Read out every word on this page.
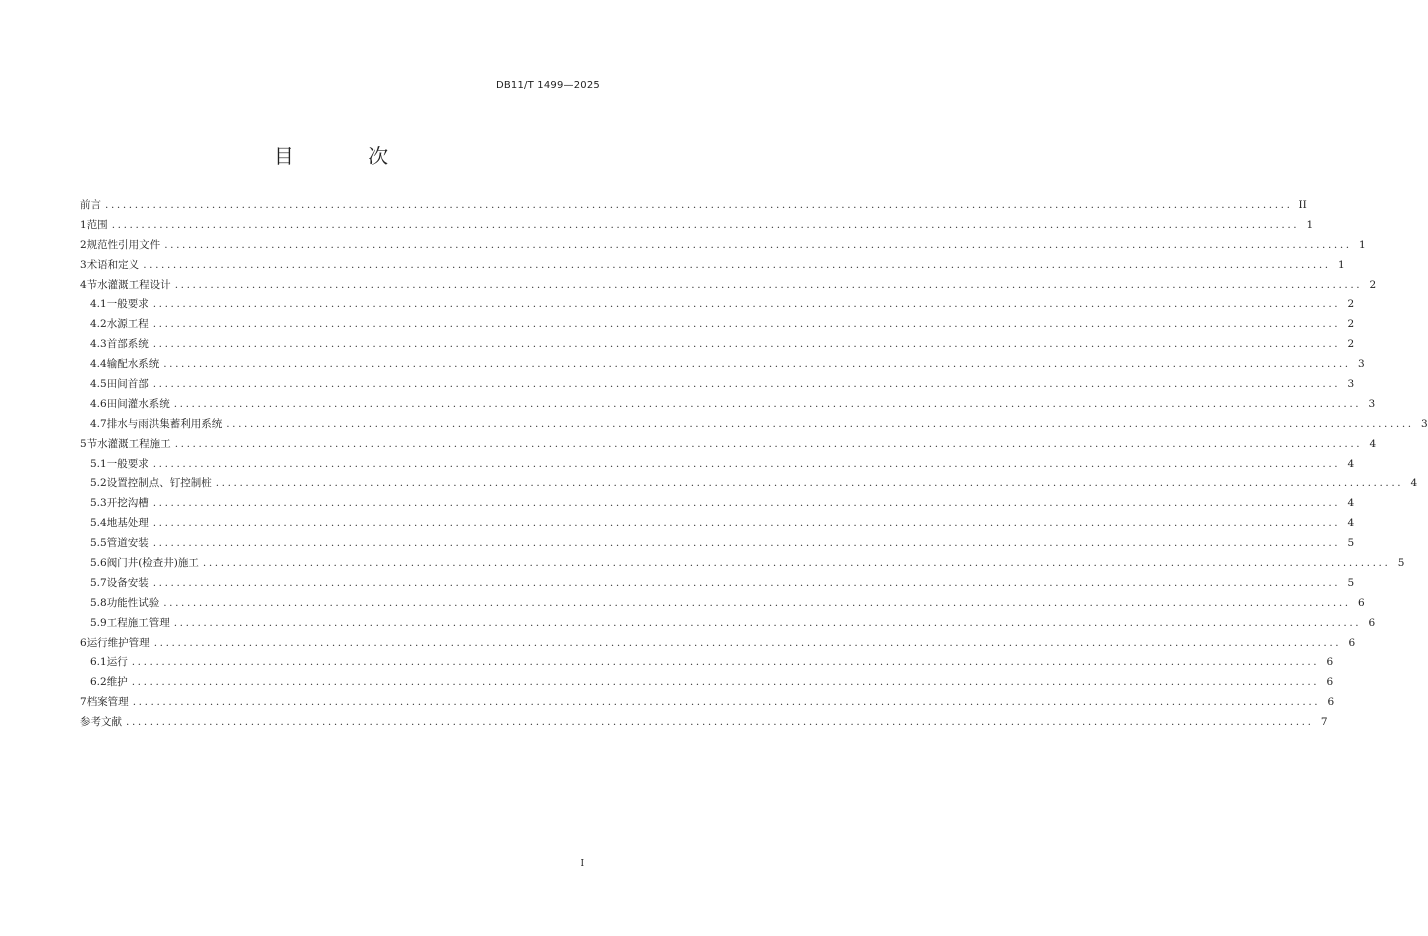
DB11/T 1499—2025
目 次
前言 ........................................................................................................................................................................................................ II
1 范围 ........................................................................................................................................................................................................ 1
2 规范性引用文件 ........................................................................................................................................................................................................ 1
3 术语和定义 ........................................................................................................................................................................................................ 1
4 节水灌溉工程设计 ........................................................................................................................................................................................................ 2
4.1 一般要求 ........................................................................................................................................................................................................ 2
4.2 水源工程 ........................................................................................................................................................................................................ 2
4.3 首部系统 ........................................................................................................................................................................................................ 2
4.4 输配水系统 ........................................................................................................................................................................................................ 3
4.5 田间首部 ........................................................................................................................................................................................................ 3
4.6 田间灌水系统 ........................................................................................................................................................................................................ 3
4.7 排水与雨洪集蓄利用系统 ........................................................................................................................................................................................................ 3
5 节水灌溉工程施工 ........................................................................................................................................................................................................ 4
5.1 一般要求 ........................................................................................................................................................................................................ 4
5.2 设置控制点、钉控制桩 ........................................................................................................................................................................................................ 4
5.3 开挖沟槽 ........................................................................................................................................................................................................ 4
5.4 地基处理 ........................................................................................................................................................................................................ 4
5.5 管道安装 ........................................................................................................................................................................................................ 5
5.6 阀门井(检查井)施工 ........................................................................................................................................................................................................ 5
5.7 设备安装 ........................................................................................................................................................................................................ 5
5.8 功能性试验 ........................................................................................................................................................................................................ 6
5.9 工程施工管理 ........................................................................................................................................................................................................ 6
6 运行维护管理 ........................................................................................................................................................................................................ 6
6.1 运行 ........................................................................................................................................................................................................ 6
6.2 维护 ........................................................................................................................................................................................................ 6
7 档案管理 ........................................................................................................................................................................................................ 6
参考文献 ........................................................................................................................................................................................................ 7
I
